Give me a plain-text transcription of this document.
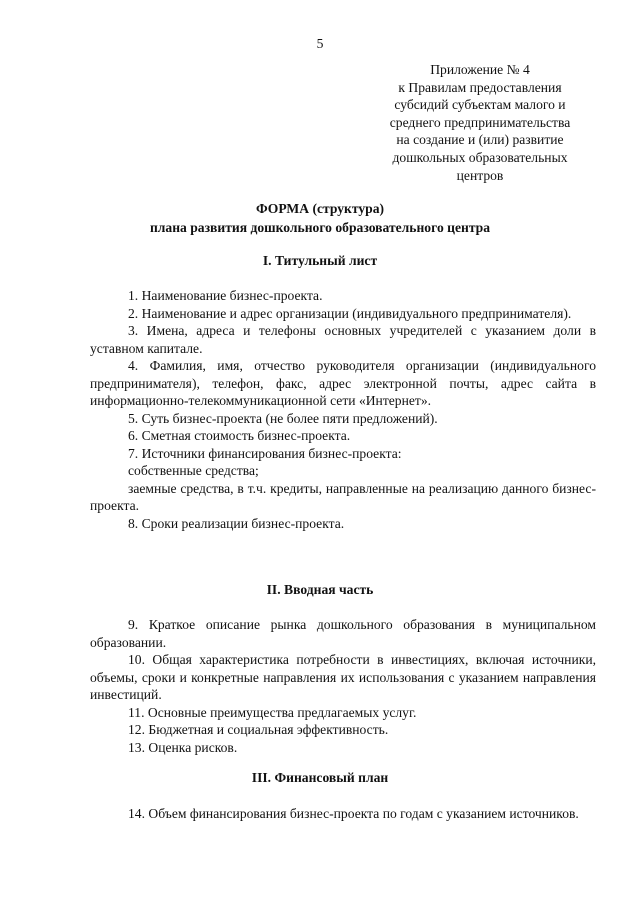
5
Приложение № 4
к Правилам предоставления
субсидий субъектам малого и
среднего предпринимательства
на создание и (или) развитие
дошкольных образовательных
центров
ФОРМА (структура)
плана развития дошкольного образовательного центра
I. Титульный лист

1. Наименование бизнес-проекта.

2. Наименование и адрес организации (индивидуального предпринимателя).

3. Имена, адреса и телефоны основных учредителей с указанием доли в уставном капитале.

4. Фамилия, имя, отчество руководителя организации (индивидуального предпринимателя), телефон, факс, адрес электронной почты, адрес сайта в информационно-телекоммуникационной сети «Интернет».

5. Суть бизнес-проекта (не более пяти предложений).

6. Сметная стоимость бизнес-проекта.

7. Источники финансирования бизнес-проекта:

собственные средства;

заемные средства, в т.ч. кредиты, направленные на реализацию данного бизнес-проекта.

8. Сроки реализации бизнес-проекта.

II. Вводная часть

9. Краткое описание рынка дошкольного образования в муниципальном образовании.

10. Общая характеристика потребности в инвестициях, включая источники, объемы, сроки и конкретные направления их использования с указанием направления инвестиций.

11. Основные преимущества предлагаемых услуг.

12. Бюджетная и социальная эффективность.

13. Оценка рисков.

III. Финансовый план

14. Объем финансирования бизнес-проекта по годам с указанием источников.
